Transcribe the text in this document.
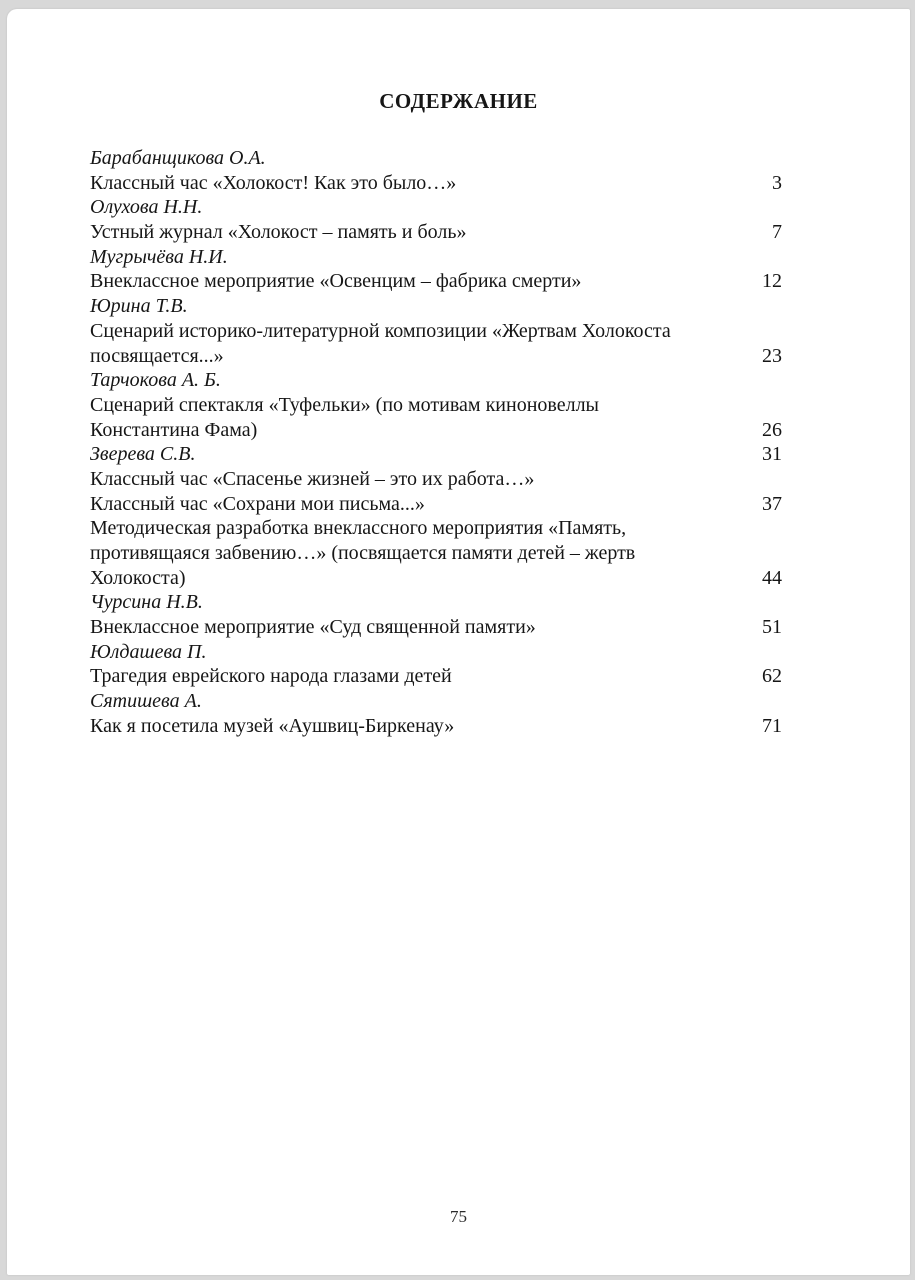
СОДЕРЖАНИЕ
Барабанщикова О.А.
Классный час «Холокост! Как это было…»	3
Олухова Н.Н.
Устный журнал «Холокост – память и боль»	7
Мугрычёва Н.И.
Внеклассное мероприятие «Освенцим – фабрика смерти»	12
Юрина Т.В.
Сценарий историко-литературной композиции «Жертвам Холокоста
посвящается...»	23
Тарчокова А. Б.
Сценарий спектакля «Туфельки» (по мотивам киноновеллы
Константина Фама)	26
Зверева С.В.	31
Классный час «Спасенье жизней – это их работа…»
Классный час «Сохрани мои письма...»	37
Методическая разработка внеклассного мероприятия «Память,
противящаяся забвению…» (посвящается памяти детей – жертв
Холокоста)	44
Чурсина Н.В.
Внеклассное мероприятие «Суд священной памяти»	51
Юлдашева П.
Трагедия еврейского народа глазами детей	62
Сятишева А.
Как я посетила музей «Аушвиц-Биркенау»	71
75
